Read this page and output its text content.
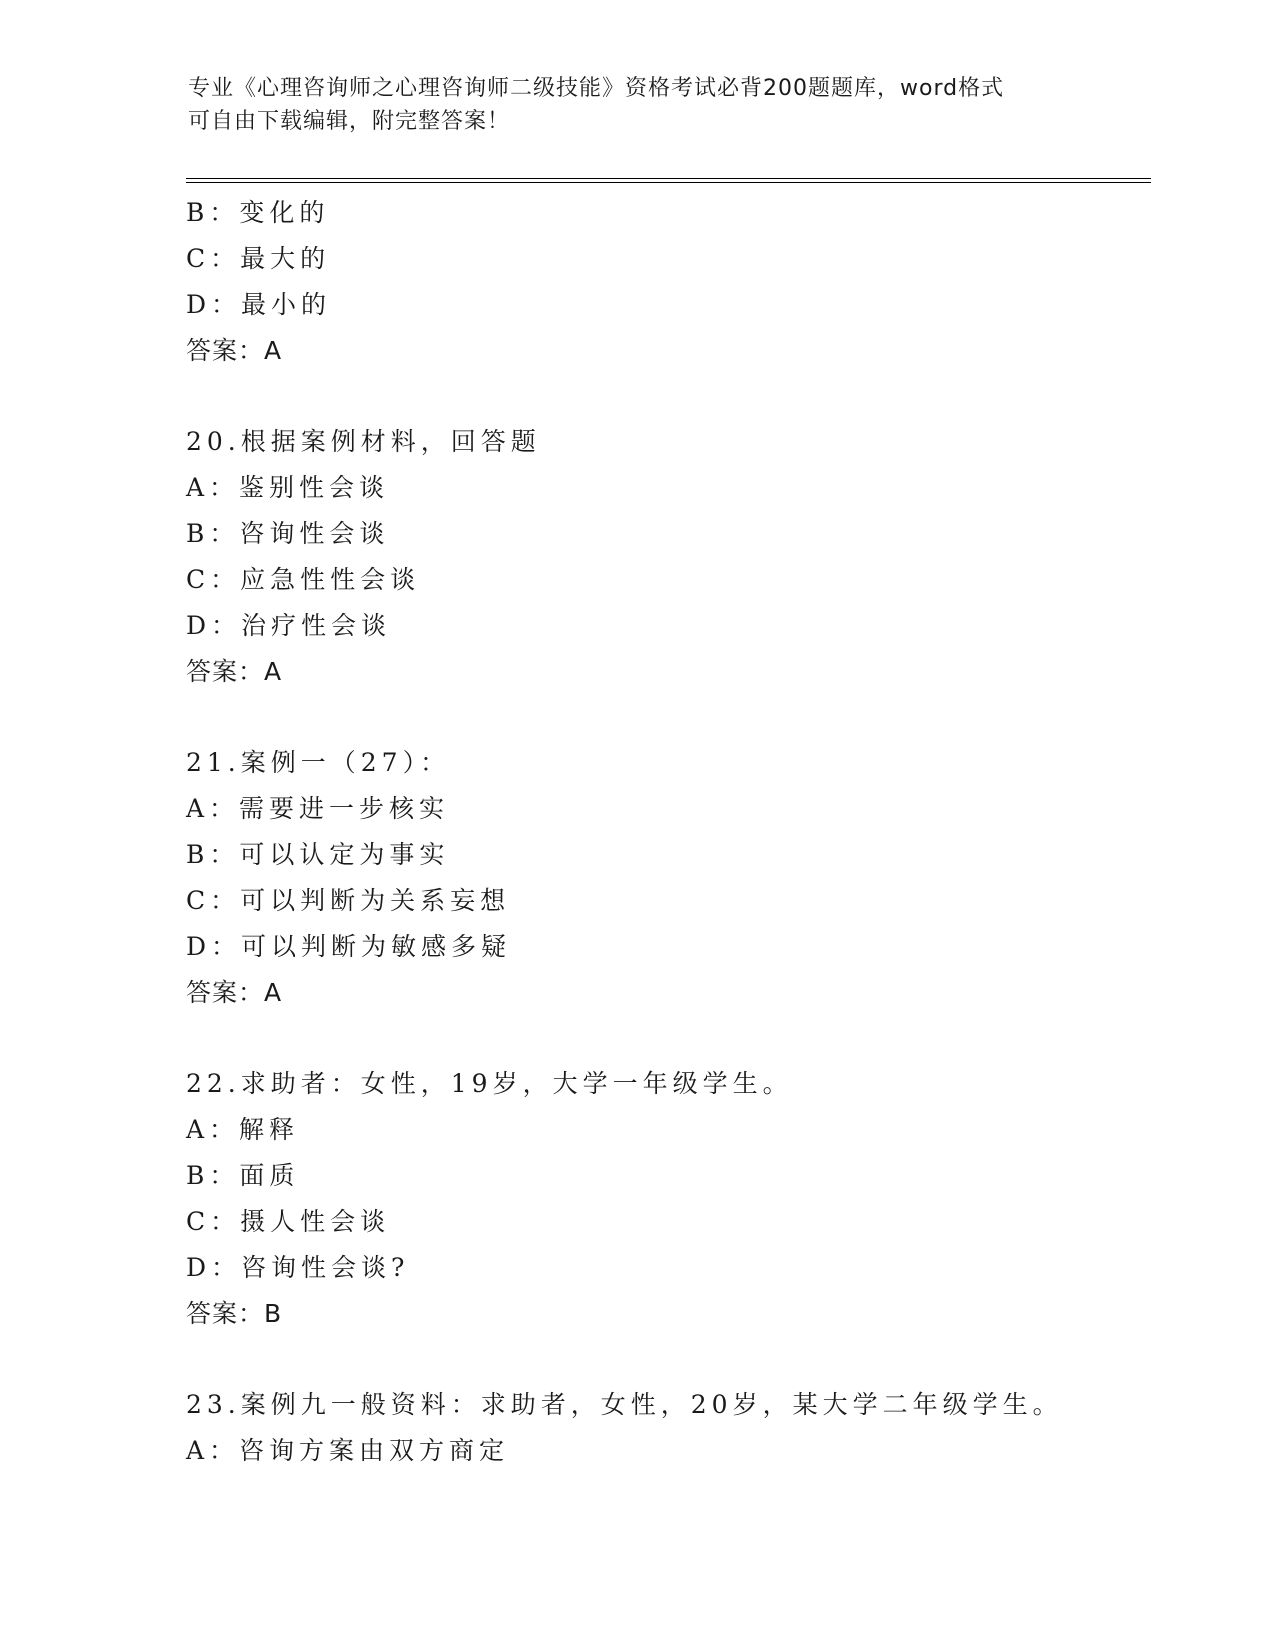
专业《心理咨询师之心理咨询师二级技能》资格考试必背200题题库，word格式
可自由下载编辑，附完整答案！
B：变化的
C：最大的
D：最小的
答案：A
20.根据案例材料，回答题
A：鉴别性会谈
B：咨询性会谈
C：应急性性会谈
D：治疗性会谈
答案：A
21.案例一（27）：
A：需要进一步核实
B：可以认定为事实
C：可以判断为关系妄想
D：可以判断为敏感多疑
答案：A
22.求助者：女性，19岁，大学一年级学生。
A：解释
B：面质
C：摄人性会谈
D：咨询性会谈?
答案：B
23.案例九一般资料：求助者，女性，20岁，某大学二年级学生。
A：咨询方案由双方商定
